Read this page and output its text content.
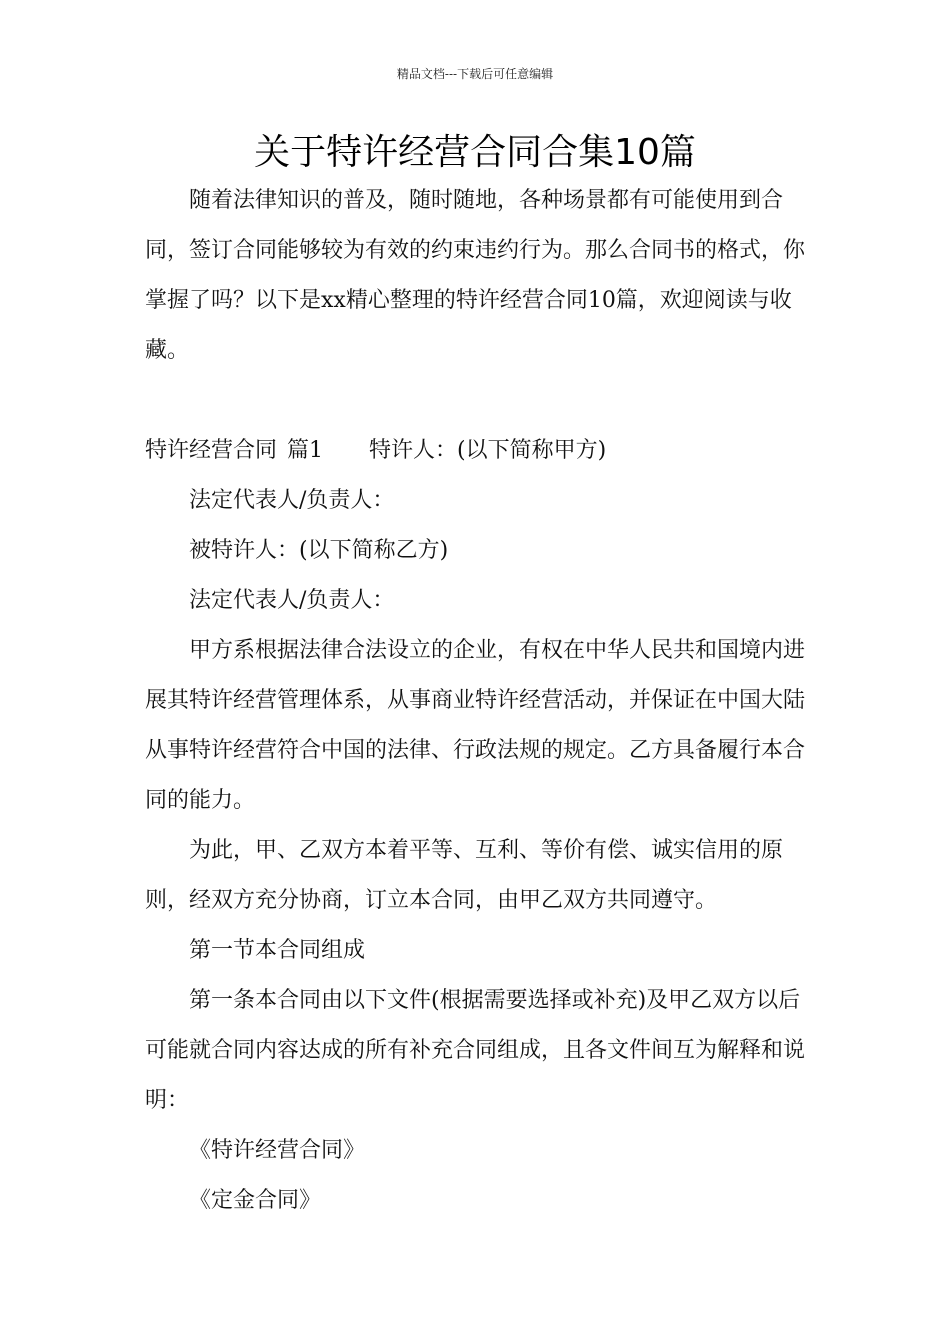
精品文档---下载后可任意编辑
关于特许经营合同合集10篇

随着法律知识的普及，随时随地，各种场景都有可能使用到合同，签订合同能够较为有效的约束违约行为。那么合同书的格式，你掌握了吗？以下是xx精心整理的特许经营合同10篇，欢迎阅读与收藏。

特许经营合同 篇1 特许人：(以下简称甲方)

法定代表人/负责人：

被特许人：(以下简称乙方)

法定代表人/负责人：

甲方系根据法律合法设立的企业，有权在中华人民共和国境内进展其特许经营管理体系，从事商业特许经营活动，并保证在中国大陆从事特许经营符合中国的法律、行政法规的规定。乙方具备履行本合同的能力。

为此，甲、乙双方本着平等、互利、等价有偿、诚实信用的原则，经双方充分协商，订立本合同，由甲乙双方共同遵守。

第一节本合同组成

第一条本合同由以下文件(根据需要选择或补充)及甲乙双方以后可能就合同内容达成的所有补充合同组成，且各文件间互为解释和说明：

《特许经营合同》

《定金合同》
